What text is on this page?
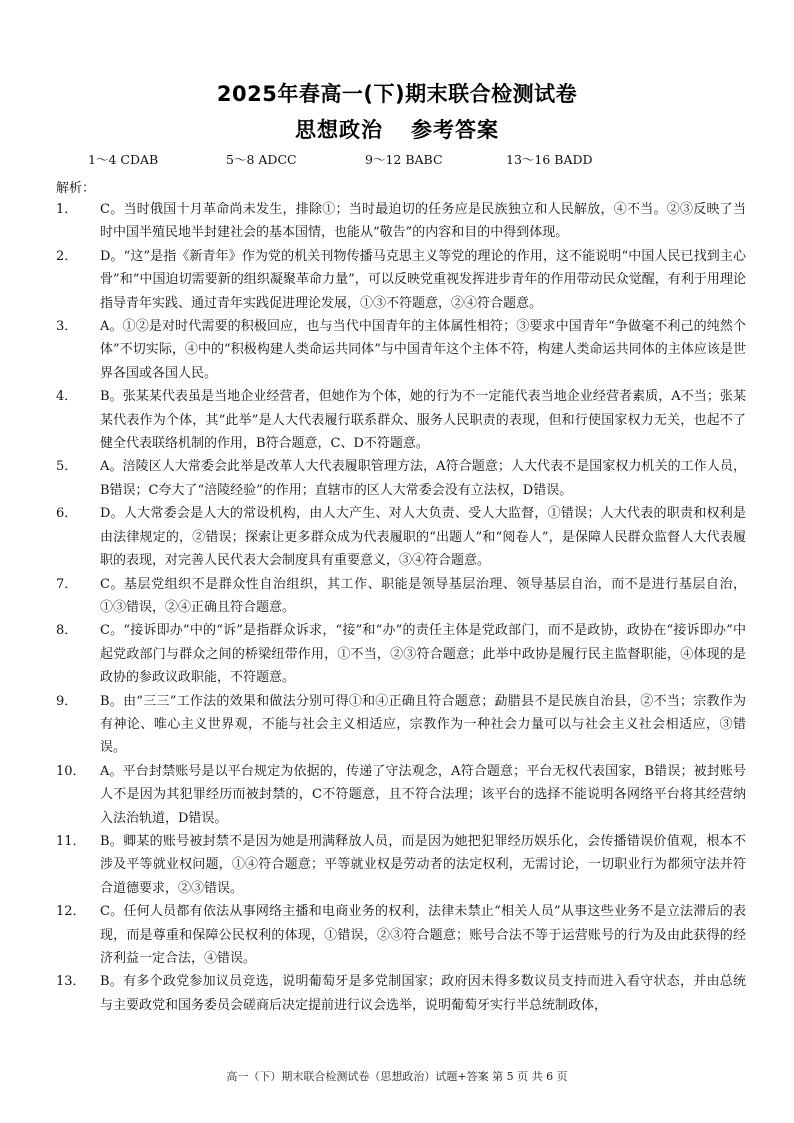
2025年春高一(下)期末联合检测试卷
思想政治 参考答案
1～4 CDAB	5～8 ADCC	9～12 BABC	13～16 BADD
解析：
1． C。当时俄国十月革命尚未发生，排除①；当时最迫切的任务应是民族独立和人民解放，④不当。②③反映了当时中国半殖民地半封建社会的基本国情，也能从“敬告”的内容和目的中得到体现。
2． D。“这”是指《新青年》作为党的机关刊物传播马克思主义等党的理论的作用，这不能说明“中国人民已找到主心骨”和“中国迫切需要新的组织凝聚革命力量”，可以反映党重视发挥进步青年的作用带动民众觉醒，有利于用理论指导青年实践、通过青年实践促进理论发展，①③不符题意，②④符合题意。
3． A。①②是对时代需要的积极回应，也与当代中国青年的主体属性相符；③要求中国青年“争做毫不利己的纯然个体”不切实际，④中的“积极构建人类命运共同体”与中国青年这个主体不符，构建人类命运共同体的主体应该是世界各国或各国人民。
4． B。张某某代表虽是当地企业经营者，但她作为个体，她的行为不一定能代表当地企业经营者素质，A不当；张某某代表作为个体，其“此举”是人大代表履行联系群众、服务人民职责的表现，但和行使国家权力无关，也起不了健全代表联络机制的作用，B符合题意，C、D不符题意。
5． A。涪陵区人大常委会此举是改革人大代表履职管理方法，A符合题意；人大代表不是国家权力机关的工作人员，B错误；C夸大了“涪陵经验”的作用；直辖市的区人大常委会没有立法权，D错误。
6． D。人大常委会是人大的常设机构，由人大产生、对人大负责、受人大监督，①错误；人大代表的职责和权利是由法律规定的，②错误；探索让更多群众成为代表履职的“出题人”和“阅卷人”，是保障人民群众监督人大代表履职的表现，对完善人民代表大会制度具有重要意义，③④符合题意。
7． C。基层党组织不是群众性自治组织，其工作、职能是领导基层治理、领导基层自治，而不是进行基层自治，①③错误，②④正确且符合题意。
8． C。“接诉即办”中的“诉”是指群众诉求，“接”和“办”的责任主体是党政部门，而不是政协，政协在“接诉即办”中起党政部门与群众之间的桥梁纽带作用，①不当，②③符合题意；此举中政协是履行民主监督职能，④体现的是政协的参政议政职能，不符题意。
9． B。由“三三”工作法的效果和做法分别可得①和④正确且符合题意；勐腊县不是民族自治县，②不当；宗教作为有神论、唯心主义世界观，不能与社会主义相适应，宗教作为一种社会力量可以与社会主义社会相适应，③错误。
10． A。平台封禁账号是以平台规定为依据的，传递了守法观念，A符合题意；平台无权代表国家，B错误；被封账号人不是因为其犯罪经历而被封禁的，C不符题意，且不符合法理；该平台的选择不能说明各网络平台将其经营纳入法治轨道，D错误。
11． B。卿某的账号被封禁不是因为她是刑满释放人员，而是因为她把犯罪经历娱乐化，会传播错误价值观，根本不涉及平等就业权问题，①④符合题意；平等就业权是劳动者的法定权利，无需讨论，一切职业行为都须守法并符合道德要求，②③错误。
12． C。任何人员都有依法从事网络主播和电商业务的权利，法律未禁止“相关人员”从事这些业务不是立法滞后的表现，而是尊重和保障公民权利的体现，①错误，②③符合题意；账号合法不等于运营账号的行为及由此获得的经济利益一定合法，④错误。
13． B。有多个政党参加议员竞选，说明葡萄牙是多党制国家；政府因未得多数议员支持而进入看守状态，并由总统与主要政党和国务委员会磋商后决定提前进行议会选举，说明葡萄牙实行半总统制政体，
高一（下）期末联合检测试卷（思想政治）试题+答案 第 5 页 共 6 页
